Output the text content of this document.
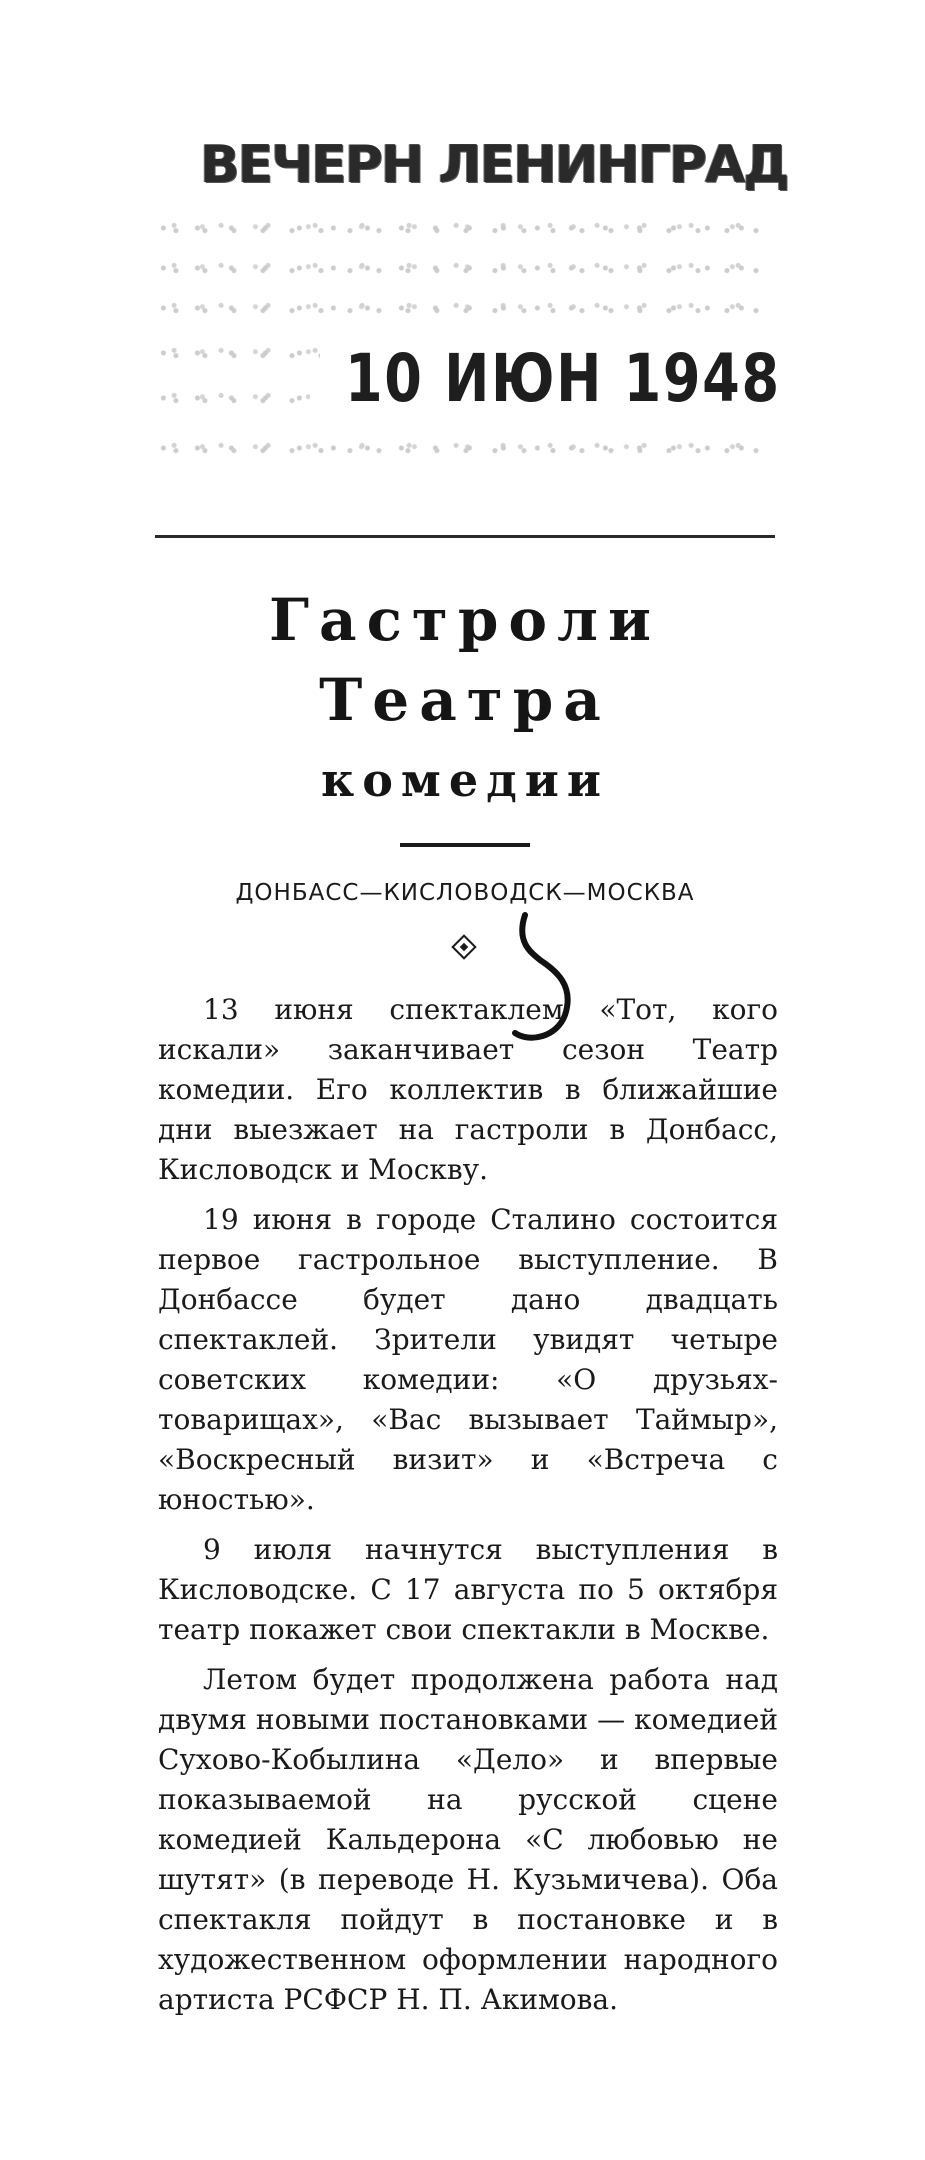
ВЕЧЕРН ЛЕНИНГРАД
10 ИЮН 1948
Гастроли
Театра
комедии
ДОНБАСС—КИСЛОВОДСК—МОСКВА

13 июня спектаклем «Тот, кого искали» заканчивает сезон Театр комедии. Его коллектив в ближайшие дни выезжает на гастроли в Донбасс, Кисловодск и Москву.

19 июня в городе Сталино состоится первое гастрольное выступление. В Донбассе будет дано двадцать спектаклей. Зрители увидят четыре советских комедии: «О друзьях-товарищах», «Вас вызывает Таймыр», «Воскресный визит» и «Встреча с юностью».

9 июля начнутся выступления в Кисловодске. С 17 августа по 5 октября театр покажет свои спектакли в Москве.

Летом будет продолжена работа над двумя новыми постановками — комедией Сухово-Кобылина «Дело» и впервые показываемой на русской сцене комедией Кальдерона «С любовью не шутят» (в переводе Н. Кузьмичева). Оба спектакля пойдут в постановке и в художественном оформлении народного артиста РСФСР Н. П. Акимова.
